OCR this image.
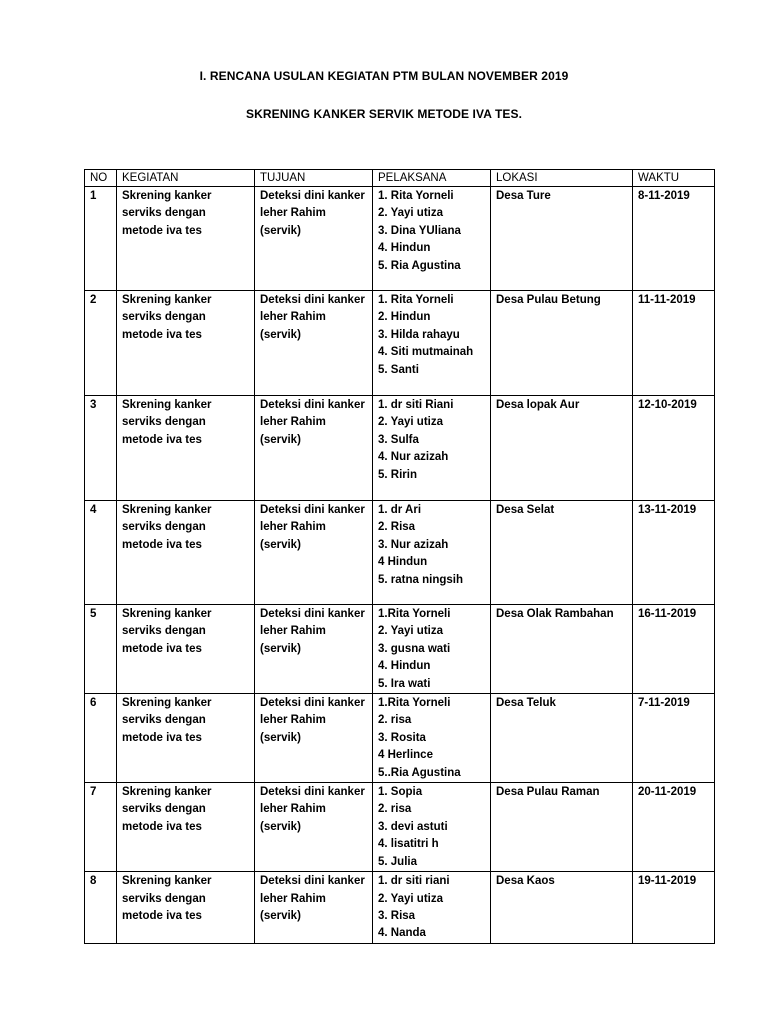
I. RENCANA USULAN KEGIATAN PTM BULAN NOVEMBER 2019
SKRENING KANKER SERVIK METODE IVA TES.
NO	KEGIATAN	TUJUAN	PELAKSANA	LOKASI	WAKTU
1	Skrening kanker
serviks dengan
metode iva tes	Deteksi dini kanker
leher Rahim
(servik)	1. Rita Yorneli
2. Yayi utiza
3. Dina YUliana
4. Hindun
5. Ria Agustina	Desa Ture	8-11-2019
2	Skrening kanker
serviks dengan
metode iva tes	Deteksi dini kanker
leher Rahim
(servik)	1. Rita Yorneli
2. Hindun
3. Hilda rahayu
4. Siti mutmainah
5. Santi	Desa Pulau Betung	11-11-2019
3	Skrening kanker
serviks dengan
metode iva tes	Deteksi dini kanker
leher Rahim
(servik)	1. dr siti Riani
2. Yayi utiza
3. Sulfa
4. Nur azizah
5. Ririn	Desa lopak Aur	12-10-2019
4	Skrening kanker
serviks dengan
metode iva tes	Deteksi dini kanker
leher Rahim
(servik)	1. dr Ari
2. Risa
3. Nur azizah
4 Hindun
5. ratna ningsih	Desa Selat	13-11-2019
5	Skrening kanker
serviks dengan
metode iva tes	Deteksi dini kanker
leher Rahim
(servik)	1.Rita Yorneli
2. Yayi utiza
3. gusna wati
4. Hindun
5. Ira wati	Desa Olak Rambahan	16-11-2019
6	Skrening kanker
serviks dengan
metode iva tes	Deteksi dini kanker
leher Rahim
(servik)	1.Rita Yorneli
2. risa
3. Rosita
4 Herlince
5..Ria Agustina	Desa Teluk	7-11-2019
7	Skrening kanker
serviks dengan
metode iva tes	Deteksi dini kanker
leher Rahim
(servik)	1. Sopia
2. risa
3. devi astuti
4. lisatitri h
5. Julia	Desa Pulau Raman	20-11-2019
8	Skrening kanker
serviks dengan
metode iva tes	Deteksi dini kanker
leher Rahim
(servik)	1. dr siti riani
2. Yayi utiza
3. Risa
4. Nanda	Desa Kaos	19-11-2019
